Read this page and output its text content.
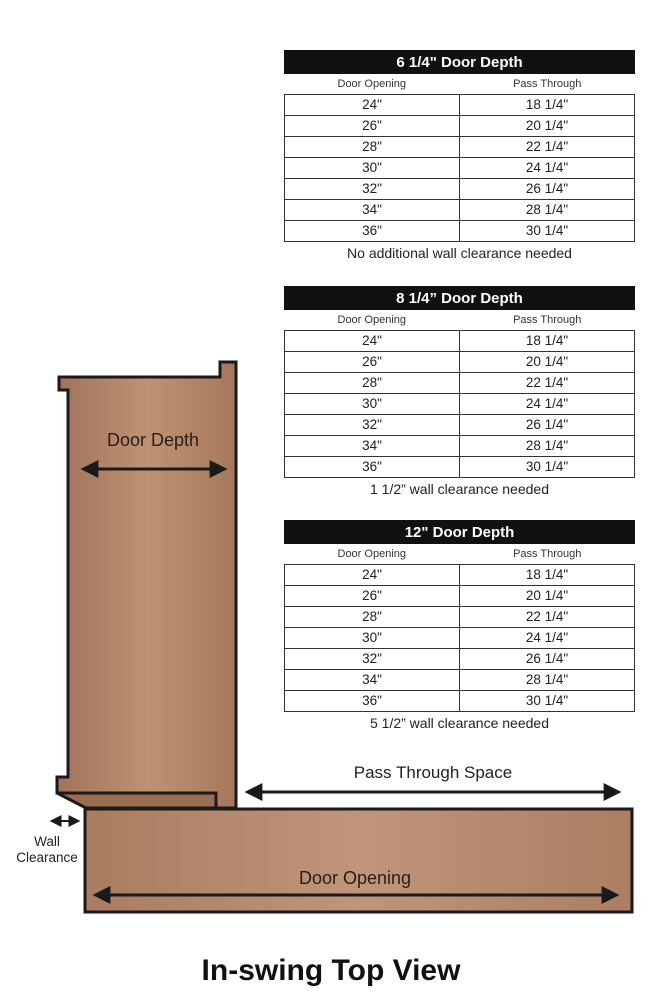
Door Depth
Pass Through Space
Wall
Clearance
Door Opening
6 1/4" Door Depth
Door Opening	Pass Through
24"	18 1/4"
26"	20 1/4"
28"	22 1/4"
30"	24 1/4"
32"	26 1/4"
34"	28 1/4"
36"	30 1/4"
No additional wall clearance needed
8 1/4” Door Depth
Door Opening	Pass Through
24"	18 1/4"
26"	20 1/4"
28"	22 1/4"
30"	24 1/4"
32"	26 1/4"
34"	28 1/4"
36"	30 1/4"
1 1/2” wall clearance needed
12" Door Depth
Door Opening	Pass Through
24"	18 1/4"
26"	20 1/4"
28"	22 1/4"
30"	24 1/4"
32"	26 1/4"
34"	28 1/4"
36"	30 1/4"
5 1/2” wall clearance needed
In-swing Top View
